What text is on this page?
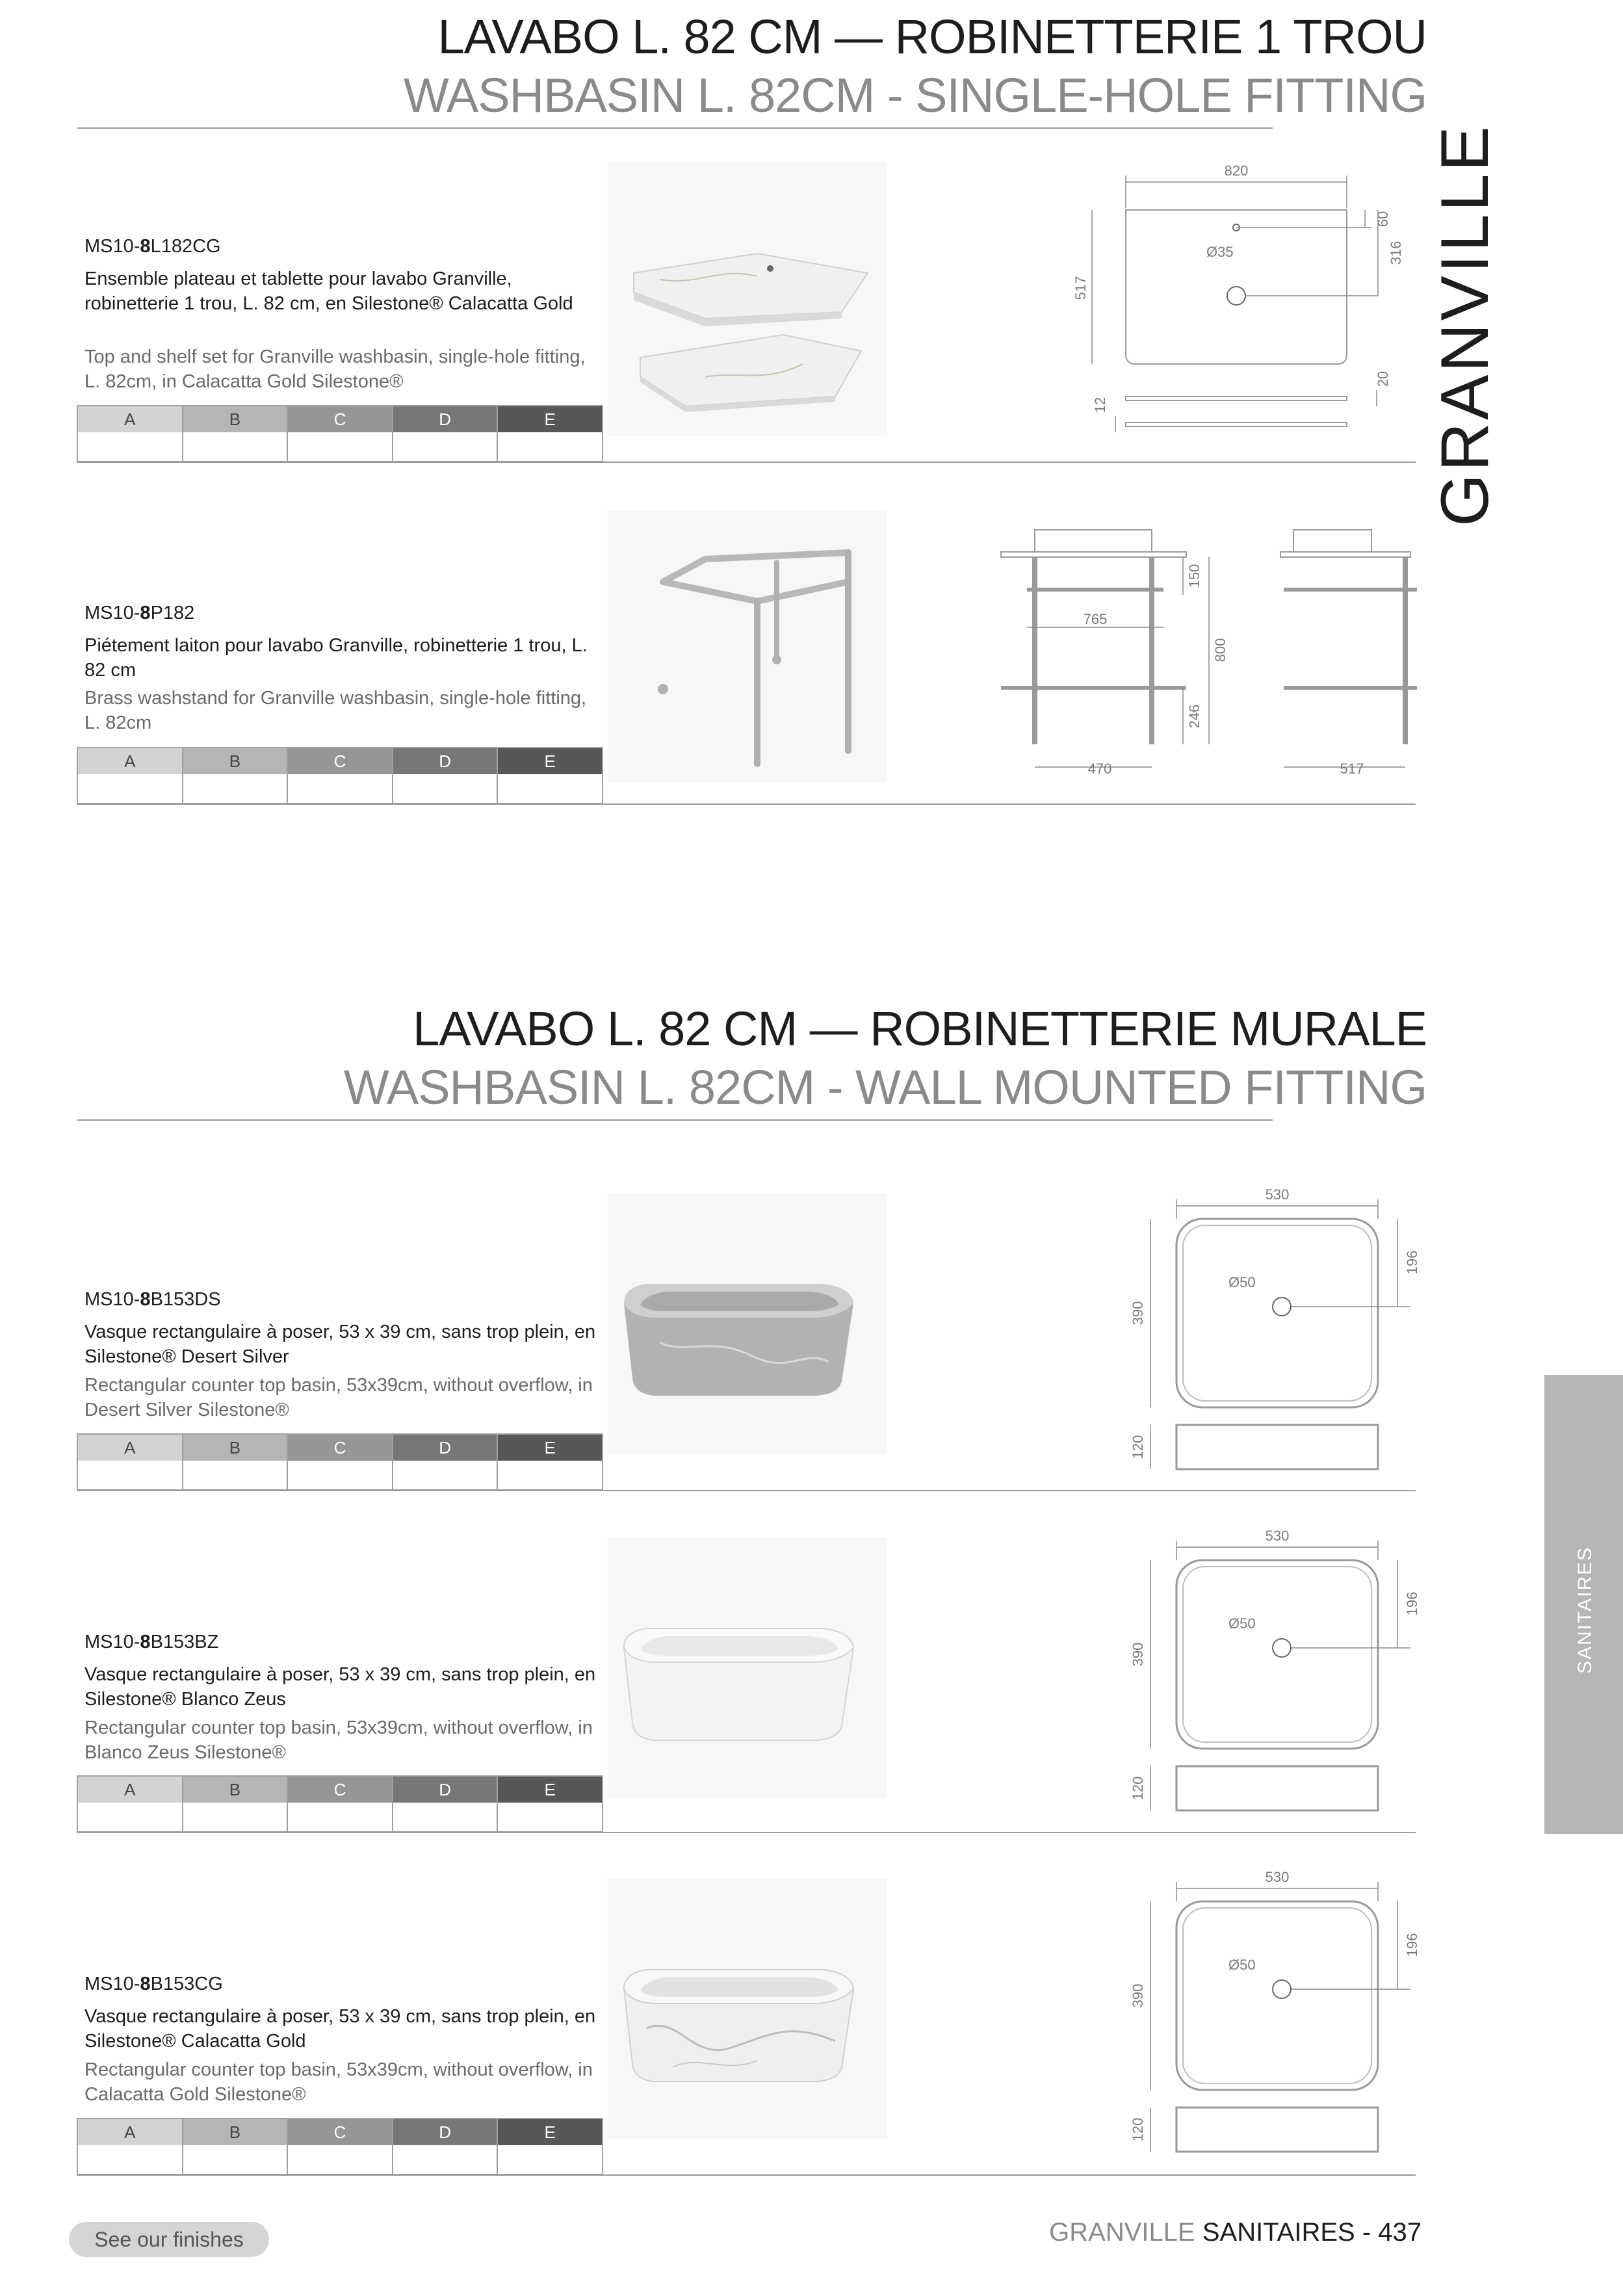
LAVABO L. 82 CM — ROBINETTERIE 1 TROU
WASHBASIN L. 82CM - SINGLE-HOLE FITTING
GRANVILLE
SANITAIRES
MS10-8L182CG
Ensemble plateau et tablette pour lavabo Granville, robinetterie 1 trou, L. 82 cm, en Silestone® Calacatta Gold
Top and shelf set for Granville washbasin, single-hole fitting, L. 82cm, in Calacatta Gold Silestone®
A	B	C	D	E
820
517
Ø35
60
316
20
12
MS10-8P182
Piétement laiton pour lavabo Granville, robinetterie 1 trou, L. 82 cm
Brass washstand for Granville washbasin, single-hole fitting, L. 82cm
A	B	C	D	E
765
150
800
246
470	517
LAVABO L. 82 CM — ROBINETTERIE MURALE
WASHBASIN L. 82CM - WALL MOUNTED FITTING
MS10-8B153DS
Vasque rectangulaire à poser, 53 x 39 cm, sans trop plein, en Silestone® Desert Silver
Rectangular counter top basin, 53x39cm, without overflow, in Desert Silver Silestone®
A	B	C	D	E
530
Ø50
390
196
120
MS10-8B153BZ
Vasque rectangulaire à poser, 53 x 39 cm, sans trop plein, en Silestone® Blanco Zeus
Rectangular counter top basin, 53x39cm, without overflow, in Blanco Zeus Silestone®
A	B	C	D	E
530
Ø50
390
196
120
MS10-8B153CG
Vasque rectangulaire à poser, 53 x 39 cm, sans trop plein, en Silestone® Calacatta Gold
Rectangular counter top basin, 53x39cm, without overflow, in Calacatta Gold Silestone®
A	B	C	D	E
530
Ø50
390
196
120
See our finishes	GRANVILLE SANITAIRES - 437
